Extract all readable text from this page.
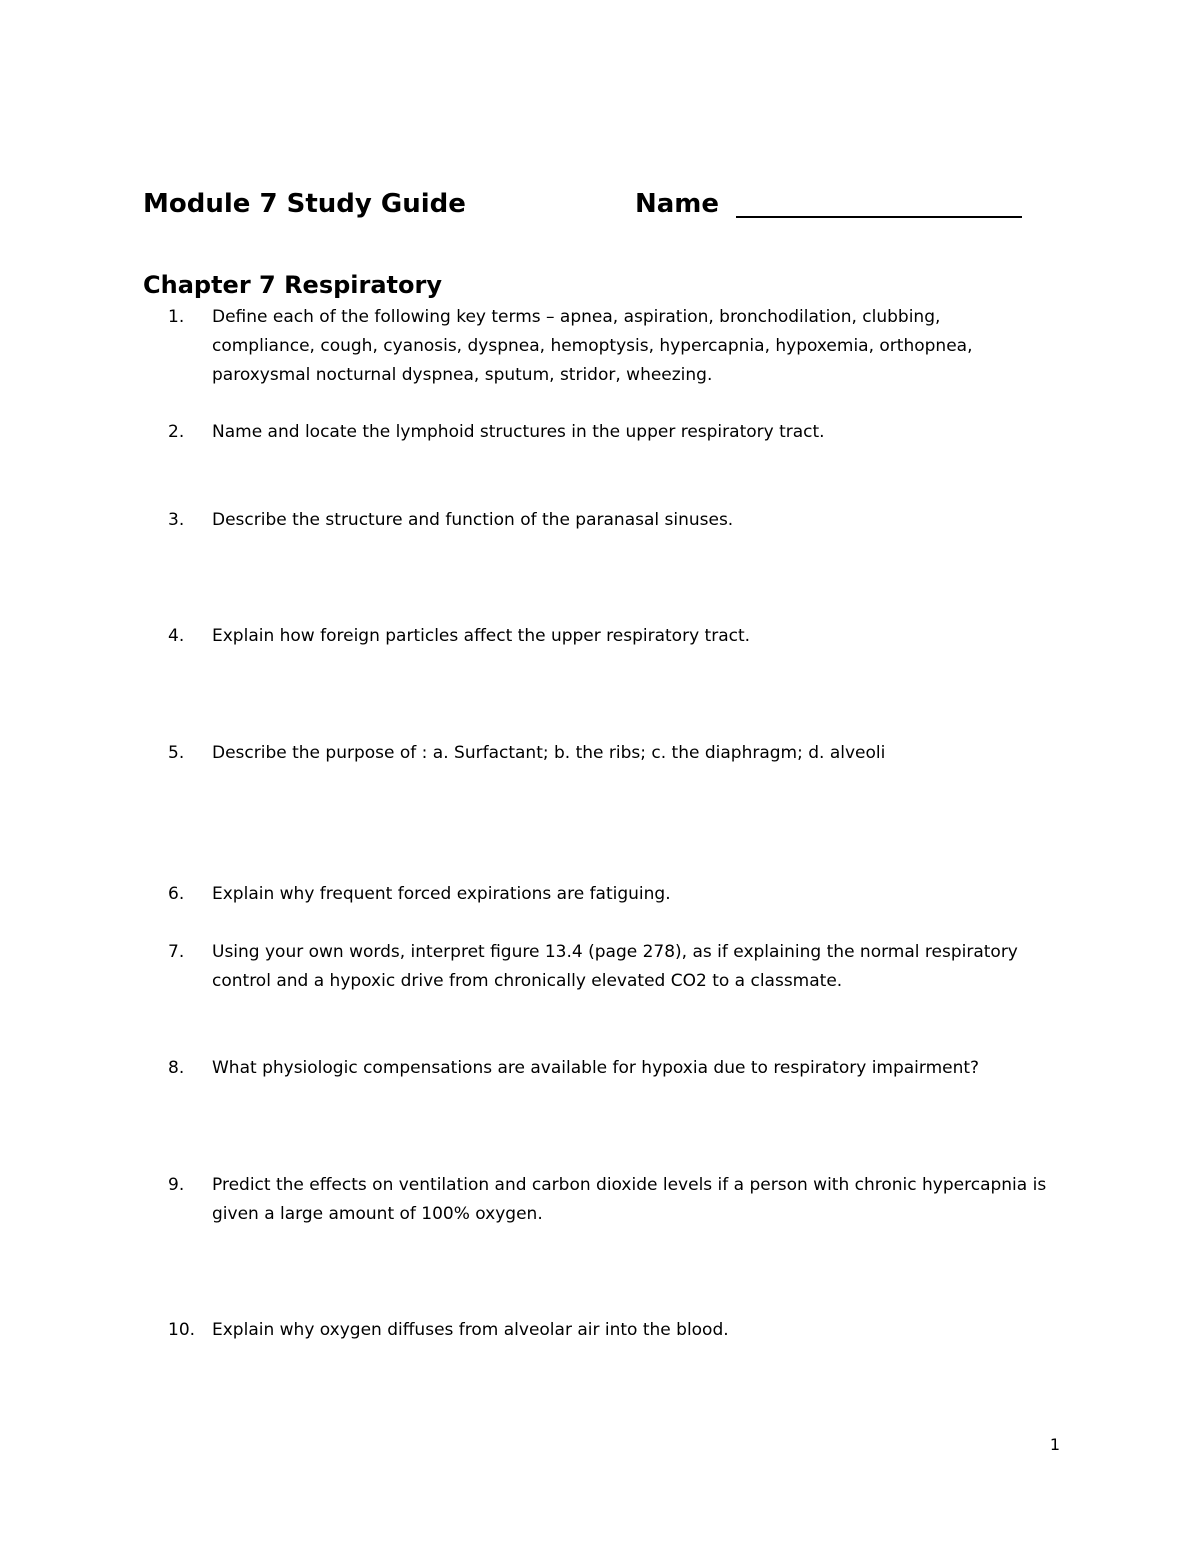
Module 7 Study Guide	Name
Chapter 7 Respiratory
1.	Define each of the following key terms – apnea, aspiration, bronchodilation, clubbing, compliance, cough, cyanosis, dyspnea, hemoptysis, hypercapnia, hypoxemia, orthopnea, paroxysmal nocturnal dyspnea, sputum, stridor, wheezing.
2.	Name and locate the lymphoid structures in the upper respiratory tract.
3.	Describe the structure and function of the paranasal sinuses.
4.	Explain how foreign particles affect the upper respiratory tract.
5.	Describe the purpose of : a. Surfactant; b. the ribs; c. the diaphragm; d. alveoli
6.	Explain why frequent forced expirations are fatiguing.
7.	Using your own words, interpret figure 13.4 (page 278), as if explaining the normal respiratory control and a hypoxic drive from chronically elevated CO2 to a classmate.
8.	What physiologic compensations are available for hypoxia due to respiratory impairment?
9.	Predict the effects on ventilation and carbon dioxide levels if a person with chronic hypercapnia is given a large amount of 100% oxygen.
10. Explain why oxygen diffuses from alveolar air into the blood.
1
